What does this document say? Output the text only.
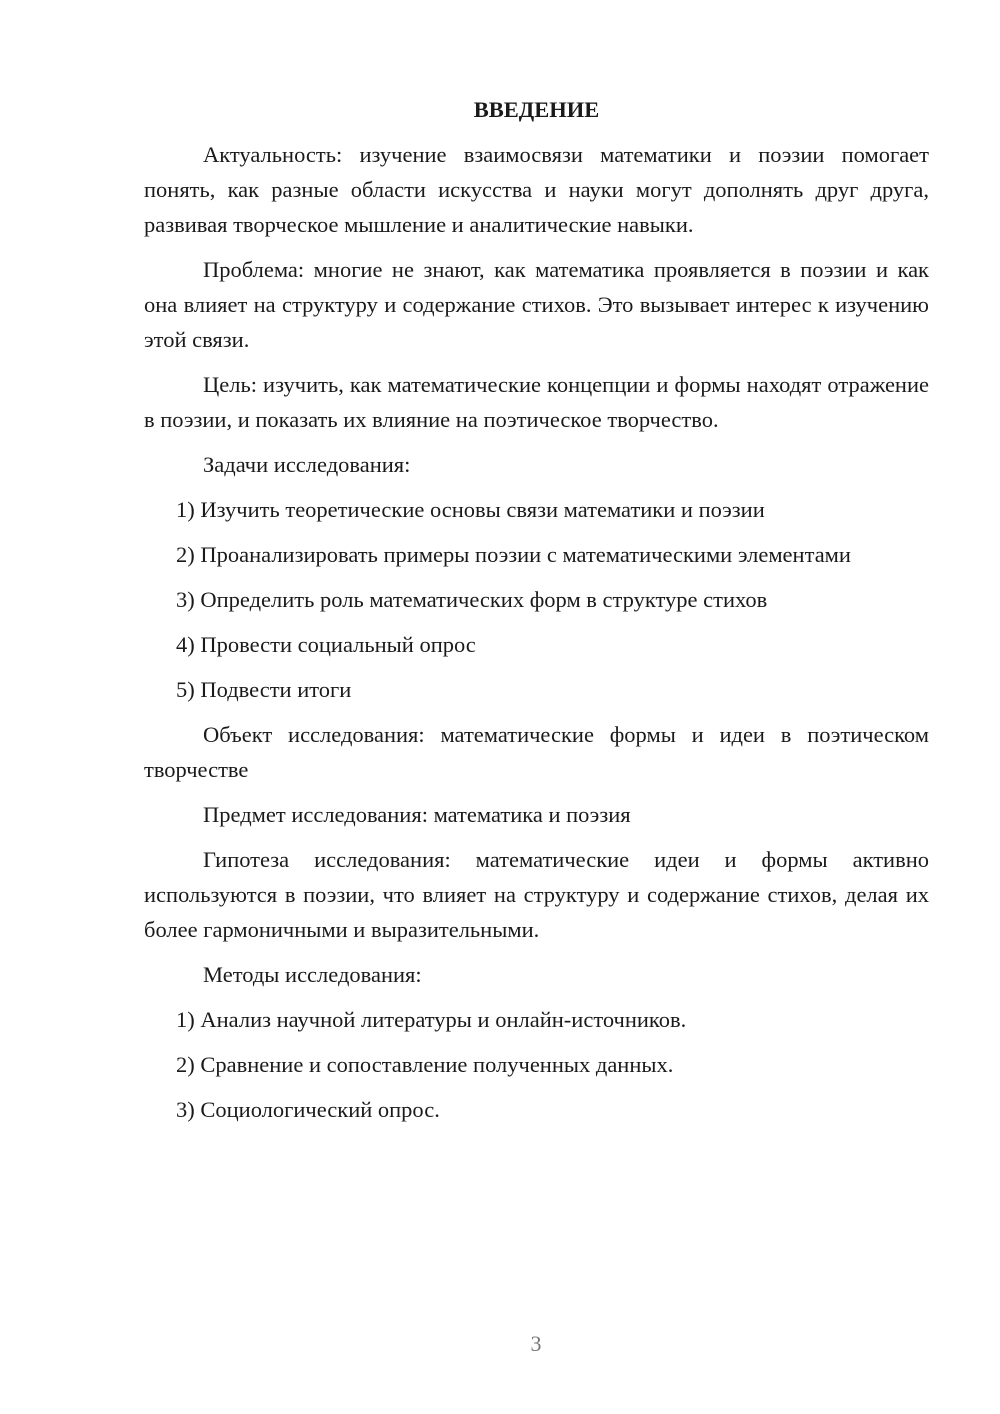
ВВЕДЕНИЕ

Актуальность: изучение взаимосвязи математики и поэзии помогает понять, как разные области искусства и науки могут дополнять друг друга, развивая творческое мышление и аналитические навыки.

Проблема: многие не знают, как математика проявляется в поэзии и как она влияет на структуру и содержание стихов. Это вызывает интерес к изучению этой связи.

Цель: изучить, как математические концепции и формы находят отражение в поэзии, и показать их влияние на поэтическое творчество.

Задачи исследования:

1) Изучить теоретические основы связи математики и поэзии
2) Проанализировать примеры поэзии с математическими элементами
3) Определить роль математических форм в структуре стихов
4) Провести социальный опрос
5) Подвести итоги

Объект исследования: математические формы и идеи в поэтическом творчестве

Предмет исследования: математика и поэзия

Гипотеза исследования: математические идеи и формы активно используются в поэзии, что влияет на структуру и содержание стихов, делая их более гармоничными и выразительными.

Методы исследования:

1) Анализ научной литературы и онлайн-источников.
2) Сравнение и сопоставление полученных данных.
3) Социологический опрос.
3
